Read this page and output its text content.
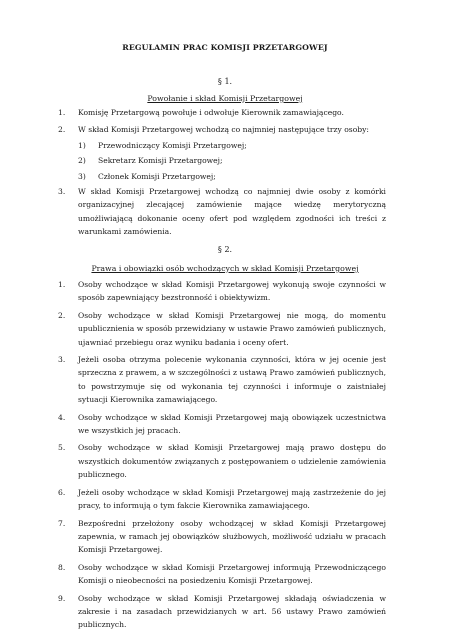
REGULAMIN PRAC KOMISJI PRZETARGOWEJ
§ 1.
Powołanie i skład Komisji Przetargowej
1. Komisję Przetargową powołuje i odwołuje Kierownik zamawiającego.
2. W skład Komisji Przetargowej wchodzą co najmniej następujące trzy osoby:
1) Przewodniczący Komisji Przetargowej;
2) Sekretarz Komisji Przetargowej;
3) Członek Komisji Przetargowej;
3. W skład Komisji Przetargowej wchodzą co najmniej dwie osoby z komórki organizacyjnej zlecającej zamówienie mające wiedzę merytoryczną umożliwiającą dokonanie oceny ofert pod względem zgodności ich treści z warunkami zamówienia.
§ 2.
Prawa i obowiązki osób wchodzących w skład Komisji Przetargowej
1. Osoby wchodzące w skład Komisji Przetargowej wykonują swoje czynności w sposób zapewniający bezstronność i obiektywizm.
2. Osoby wchodzące w skład Komisji Przetargowej nie mogą, do momentu upublicznienia w sposób przewidziany w ustawie Prawo zamówień publicznych, ujawniać przebiegu oraz wyniku badania i oceny ofert.
3. Jeżeli osoba otrzyma polecenie wykonania czynności, która w jej ocenie jest sprzeczna z prawem, a w szczególności z ustawą Prawo zamówień publicznych, to powstrzymuje się od wykonania tej czynności i informuje o zaistniałej sytuacji Kierownika zamawiającego.
4. Osoby wchodzące w skład Komisji Przetargowej mają obowiązek uczestnictwa we wszystkich jej pracach.
5. Osoby wchodzące w skład Komisji Przetargowej mają prawo dostępu do wszystkich dokumentów związanych z postępowaniem o udzielenie zamówienia publicznego.
6. Jeżeli osoby wchodzące w skład Komisji Przetargowej mają zastrzeżenie do jej pracy, to informują o tym fakcie Kierownika zamawiającego.
7. Bezpośredni przełożony osoby wchodzącej w skład Komisji Przetargowej zapewnia, w ramach jej obowiązków służbowych, możliwość udziału w pracach Komisji Przetargowej.
8. Osoby wchodzące w skład Komisji Przetargowej informują Przewodniczącego Komisji o nieobecności na posiedzeniu Komisji Przetargowej.
9. Osoby wchodzące w skład Komisji Przetargowej składają oświadczenia w zakresie i na zasadach przewidzianych w art. 56 ustawy Prawo zamówień publicznych.
